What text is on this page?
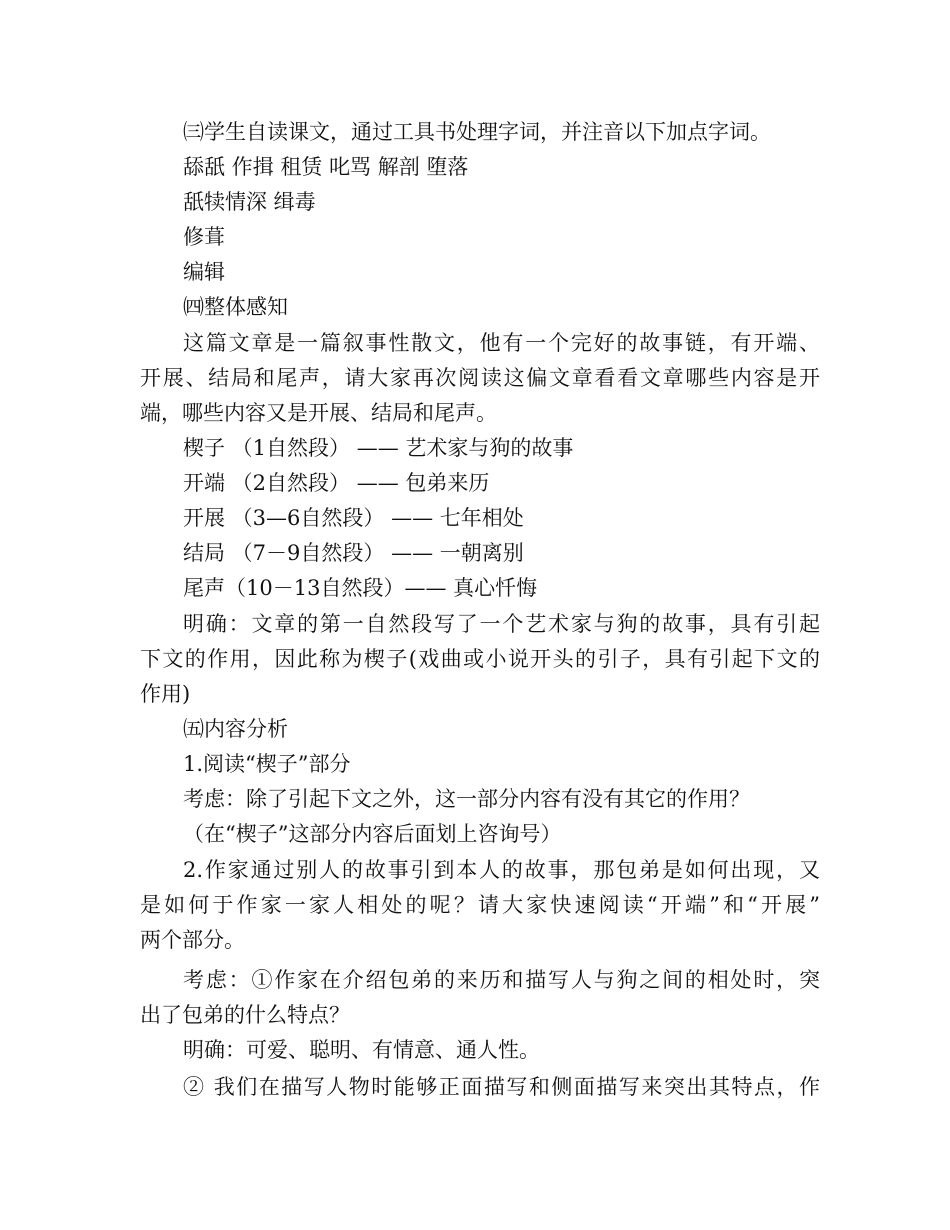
㈢学生自读课文，通过工具书处理字词，并注音以下加点字词。
舔舐 作揖 租赁 叱骂 解剖 堕落
舐犊情深 缉毒
修葺
编辑
㈣整体感知
这篇文章是一篇叙事性散文，他有一个完好的故事链，有开端、
开展、结局和尾声，请大家再次阅读这偏文章看看文章哪些内容是开
端，哪些内容又是开展、结局和尾声。
楔子 （1自然段） —— 艺术家与狗的故事
开端 （2自然段） —— 包弟来历
开展 （3—6自然段） —— 七年相处
结局 （7－9自然段） —— 一朝离别
尾声（10－13自然段）—— 真心忏悔
明确：文章的第一自然段写了一个艺术家与狗的故事，具有引起
下文的作用，因此称为楔子(戏曲或小说开头的引子，具有引起下文的
作用)
㈤内容分析
1.阅读“楔子”部分
考虑：除了引起下文之外，这一部分内容有没有其它的作用？
（在“楔子”这部分内容后面划上咨询号）
2.作家通过别人的故事引到本人的故事，那包弟是如何出现，又
是如何于作家一家人相处的呢？请大家快速阅读“开端”和“开展”
两个部分。
考虑：①作家在介绍包弟的来历和描写人与狗之间的相处时，突
出了包弟的什么特点？
明确：可爱、聪明、有情意、通人性。
② 我们在描写人物时能够正面描写和侧面描写来突出其特点，作
